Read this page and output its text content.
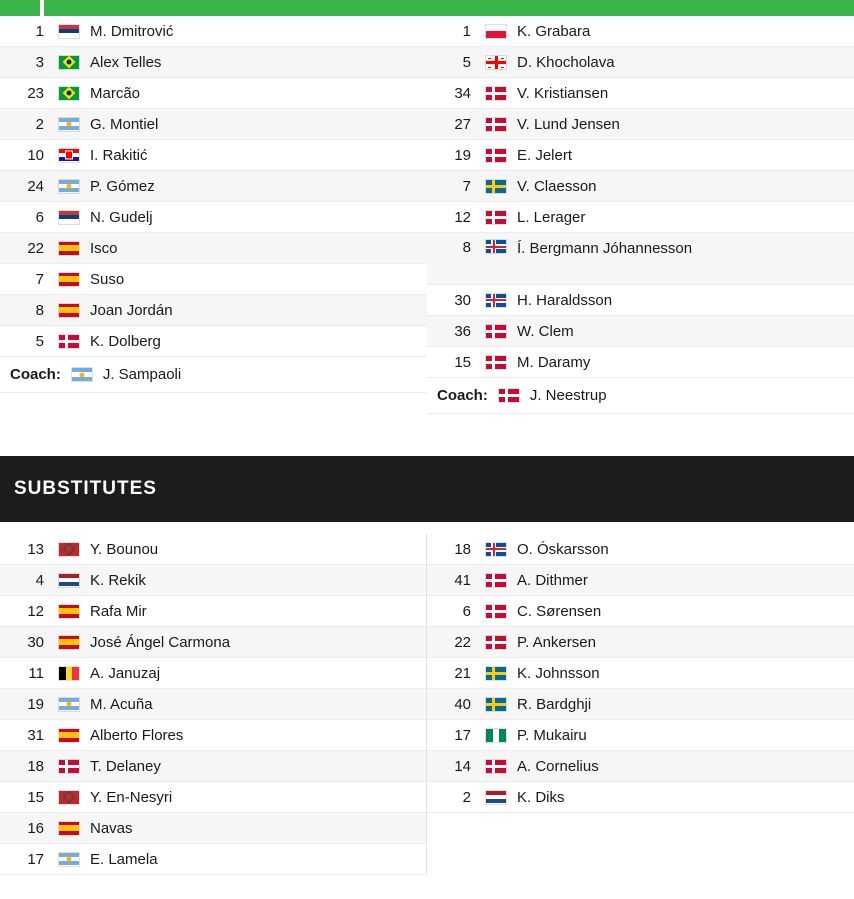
1	M. Dmitrović
3	Alex Telles
23	Marcão
2	G. Montiel
10	I. Rakitić
24	P. Gómez
6	N. Gudelj
22	Isco
7	Suso
8	Joan Jordán
5	K. Dolberg
Coach:	J. Sampaoli
1	K. Grabara
5	D. Khocholava
34	V. Kristiansen
27	V. Lund Jensen
19	E. Jelert
7	V. Claesson
12	L. Lerager
8	Í. Bergmann Jóhannesson
30	H. Haraldsson
36	W. Clem
15	M. Daramy
Coach:	J. Neestrup
SUBSTITUTES
13	Y. Bounou
4	K. Rekik
12	Rafa Mir
30	José Ángel Carmona
11	A. Januzaj
19	M. Acuña
31	Alberto Flores
18	T. Delaney
15	Y. En-Nesyri
16	Navas
17	E. Lamela
18	O. Óskarsson
41	A. Dithmer
6	C. Sørensen
22	P. Ankersen
21	K. Johnsson
40	R. Bardghji
17	P. Mukairu
14	A. Cornelius
2	K. Diks
